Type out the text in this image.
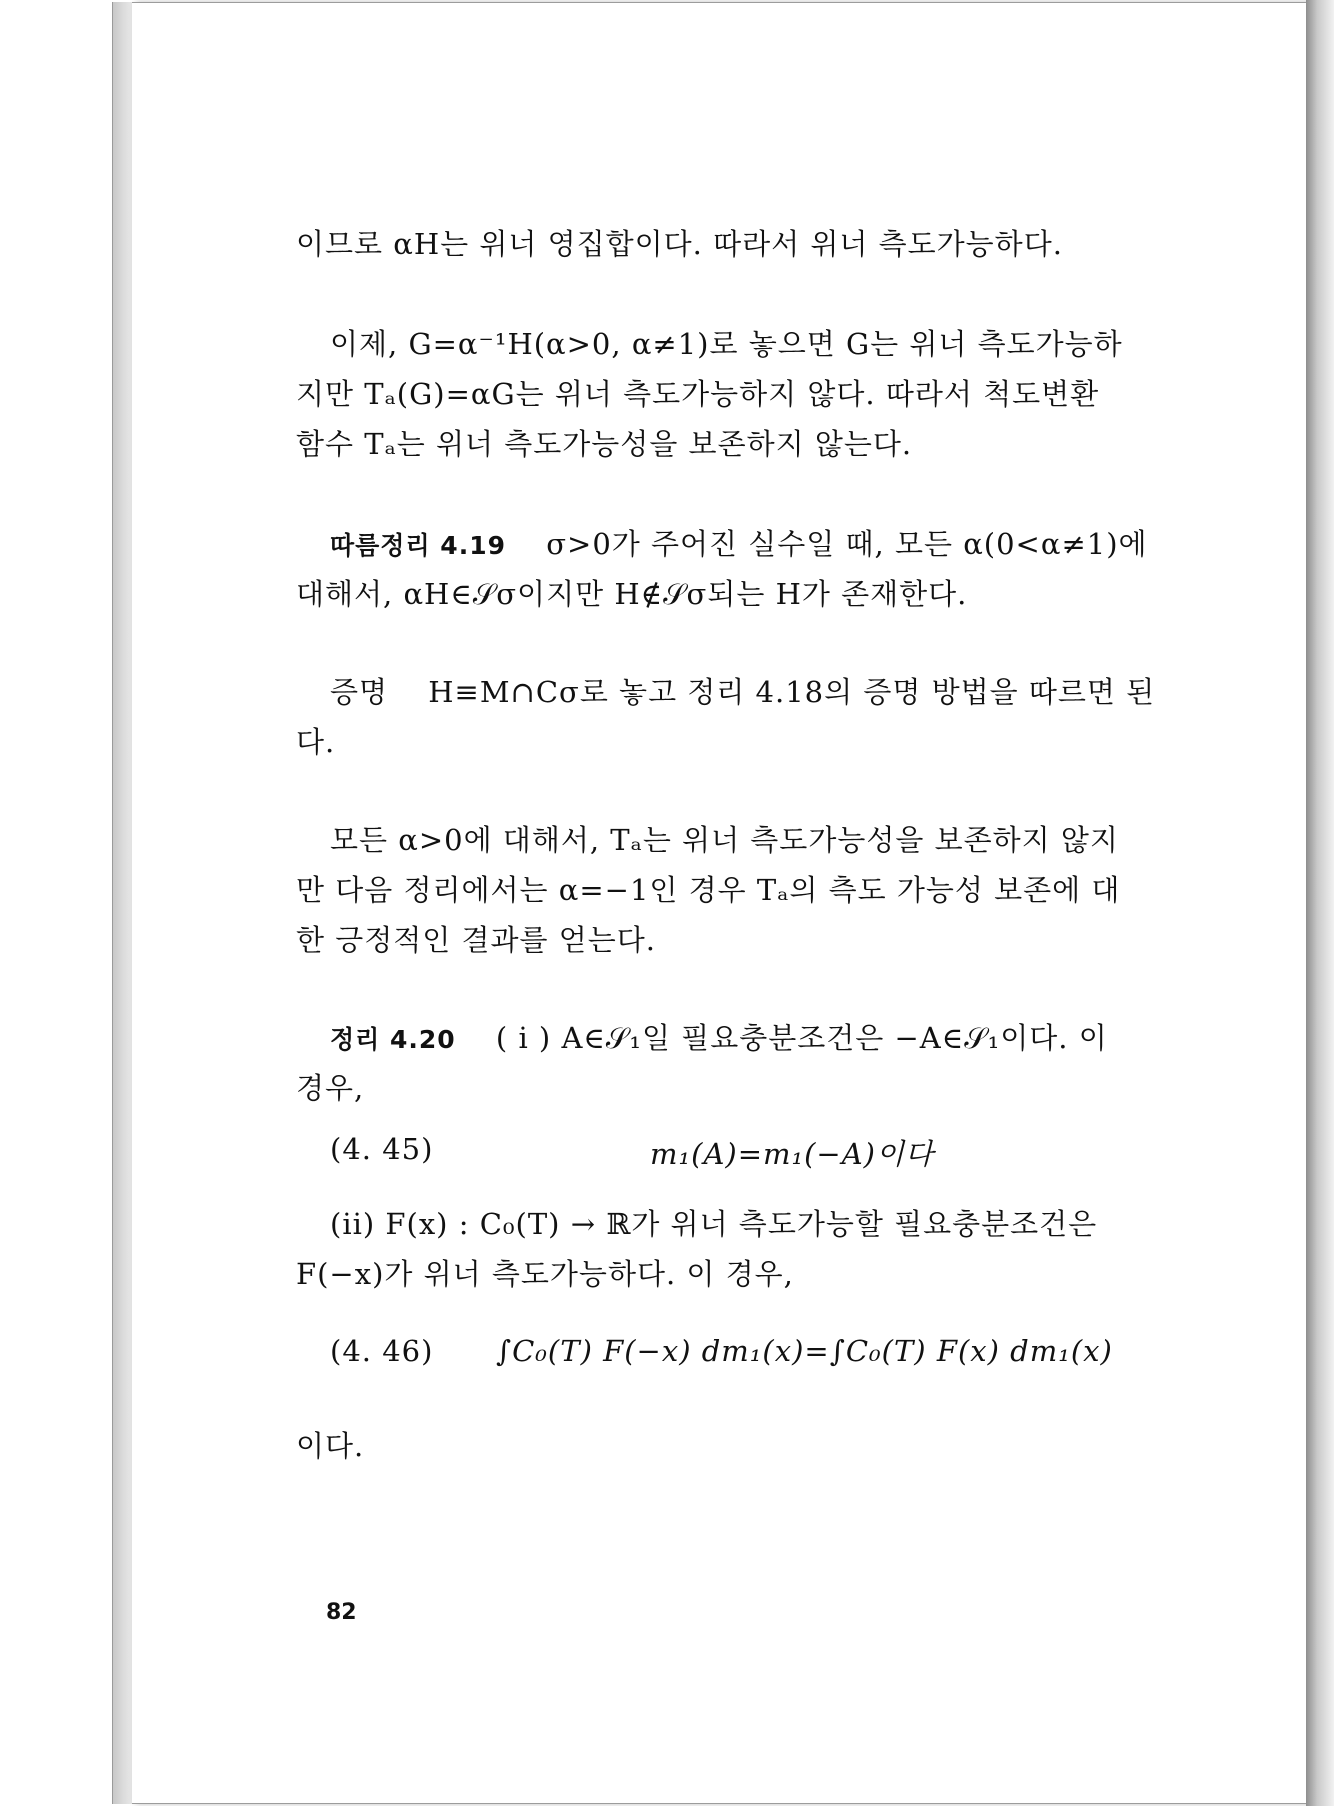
이므로 αH는 위너 영집합이다. 따라서 위너 측도가능하다.
이제, G=α⁻¹H(α>0, α≠1)로 놓으면 G는 위너 측도가능하
지만 Tₐ(G)=αG는 위너 측도가능하지 않다. 따라서 척도변환
함수 Tₐ는 위너 측도가능성을 보존하지 않는다.
따름정리 4.19 σ>0가 주어진 실수일 때, 모든 α(0<α≠1)에
대해서, αH∈𝒮σ이지만 H∉𝒮σ되는 H가 존재한다.
증명 H≡M∩Cσ로 놓고 정리 4.18의 증명 방법을 따르면 된
다.
모든 α>0에 대해서, Tₐ는 위너 측도가능성을 보존하지 않지
만 다음 정리에서는 α=−1인 경우 Tₐ의 측도 가능성 보존에 대
한 긍정적인 결과를 얻는다.
정리 4.20 ( i ) A∈𝒮₁일 필요충분조건은 −A∈𝒮₁이다. 이
경우,
(4. 45)	m₁(A)=m₁(−A)이다
(ii) F(x) : C₀(T) → ℝ가 위너 측도가능할 필요충분조건은
F(−x)가 위너 측도가능하다. 이 경우,
(4. 46) ∫C₀(T) F(−x) dm₁(x)=∫C₀(T) F(x) dm₁(x)
이다.
82
